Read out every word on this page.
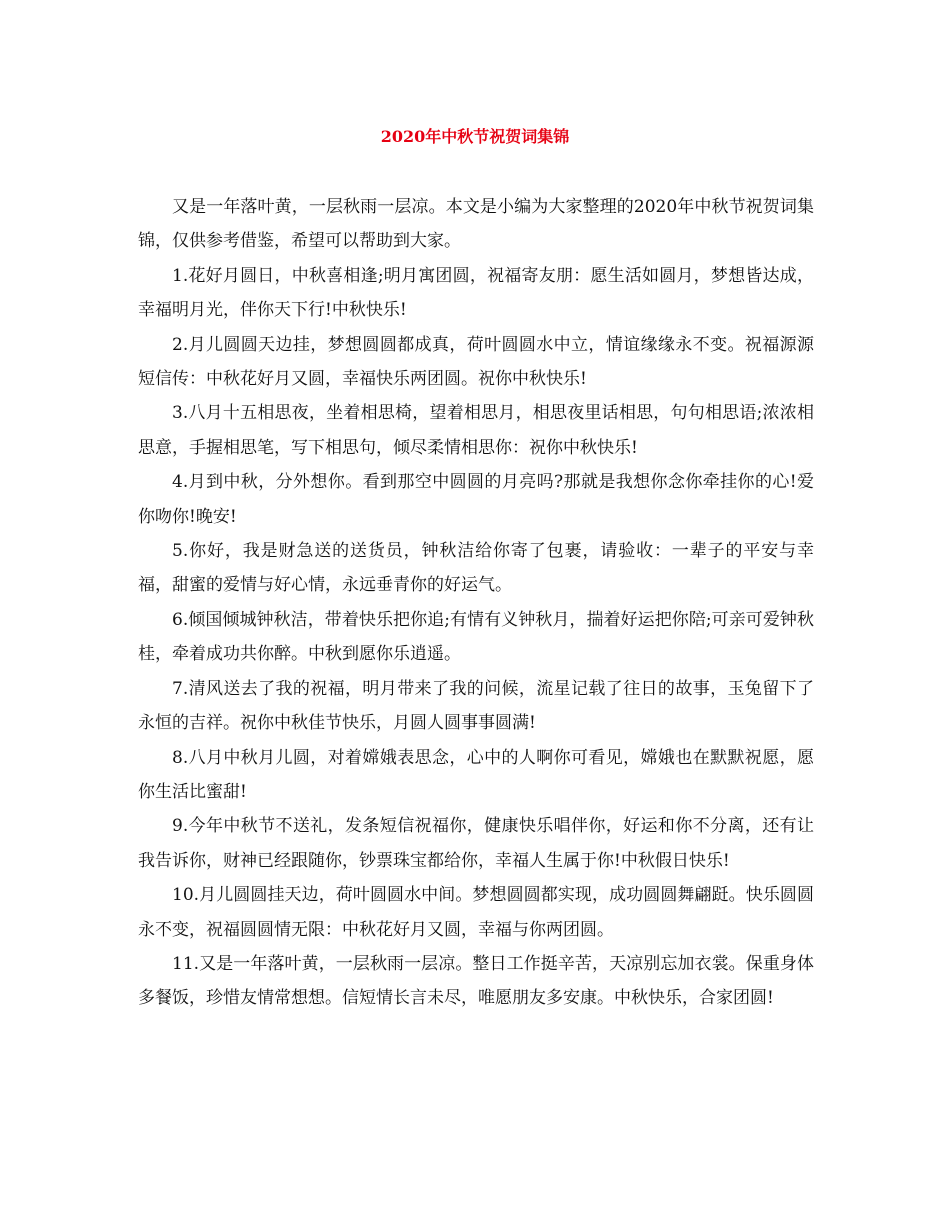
2020年中秋节祝贺词集锦

又是一年落叶黄，一层秋雨一层凉。本文是小编为大家整理的2020年中秋节祝贺词集锦，仅供参考借鉴，希望可以帮助到大家。

1.花好月圆日，中秋喜相逢;明月寓团圆，祝福寄友朋：愿生活如圆月，梦想皆达成，幸福明月光，伴你天下行!中秋快乐!

2.月儿圆圆天边挂，梦想圆圆都成真，荷叶圆圆水中立，情谊缘缘永不变。祝福源源短信传：中秋花好月又圆，幸福快乐两团圆。祝你中秋快乐!

3.八月十五相思夜，坐着相思椅，望着相思月，相思夜里话相思，句句相思语;浓浓相思意，手握相思笔，写下相思句，倾尽柔情相思你：祝你中秋快乐!

4.月到中秋，分外想你。看到那空中圆圆的月亮吗?那就是我想你念你牵挂你的心!爱你吻你!晚安!

5.你好，我是财急送的送货员，钟秋洁给你寄了包裹，请验收：一辈子的平安与幸福，甜蜜的爱情与好心情，永远垂青你的好运气。

6.倾国倾城钟秋洁，带着快乐把你追;有情有义钟秋月，揣着好运把你陪;可亲可爱钟秋桂，牵着成功共你醉。中秋到愿你乐逍遥。

7.清风送去了我的祝福，明月带来了我的问候，流星记载了往日的故事，玉兔留下了永恒的吉祥。祝你中秋佳节快乐，月圆人圆事事圆满!

8.八月中秋月儿圆，对着嫦娥表思念，心中的人啊你可看见，嫦娥也在默默祝愿，愿你生活比蜜甜!

9.今年中秋节不送礼，发条短信祝福你，健康快乐唱伴你，好运和你不分离，还有让我告诉你，财神已经跟随你，钞票珠宝都给你，幸福人生属于你!中秋假日快乐!

10.月儿圆圆挂天边，荷叶圆圆水中间。梦想圆圆都实现，成功圆圆舞翩跹。快乐圆圆永不变，祝福圆圆情无限：中秋花好月又圆，幸福与你两团圆。

11.又是一年落叶黄，一层秋雨一层凉。整日工作挺辛苦，天凉别忘加衣裳。保重身体多餐饭，珍惜友情常想想。信短情长言未尽，唯愿朋友多安康。中秋快乐，合家团圆!
